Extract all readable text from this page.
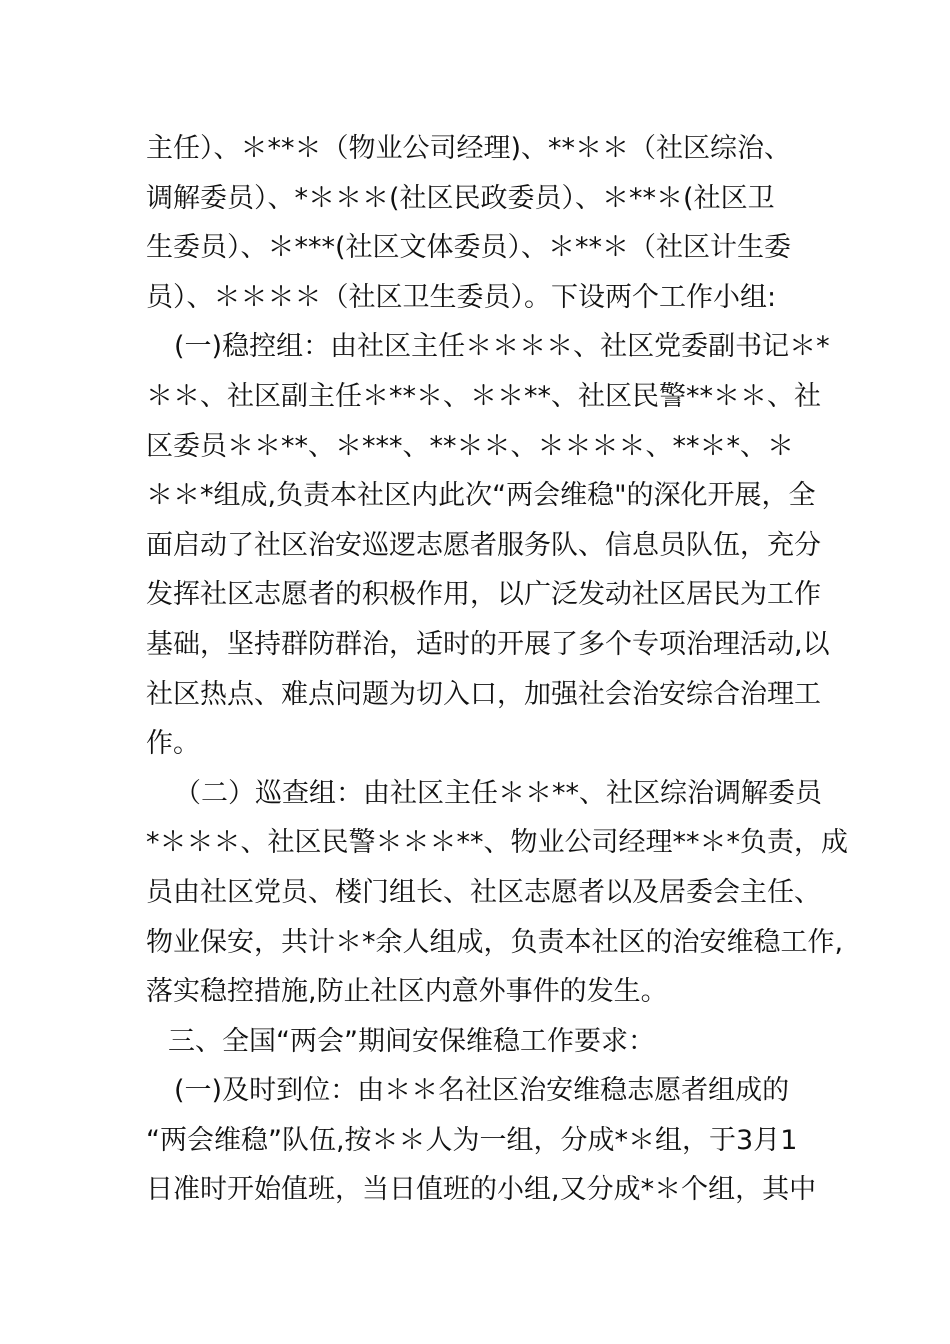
主任）、＊**＊（物业公司经理)、**＊＊（社区综治、
调解委员）、*＊＊＊(社区民政委员）、＊**＊(社区卫
生委员）、＊***(社区文体委员）、＊**＊（社区计生委
员）、＊＊＊＊（社区卫生委员）。下设两个工作小组:
(一)稳控组：由社区主任＊＊＊＊、社区党委副书记＊*
＊＊、社区副主任＊**＊、＊＊**、社区民警**＊＊、社
区委员＊＊**、＊***、**＊＊、＊＊＊＊、**＊*、＊
＊＊*组成,负责本社区内此次“两会维稳"的深化开展，全
面启动了社区治安巡逻志愿者服务队、信息员队伍，充分
发挥社区志愿者的积极作用，以广泛发动社区居民为工作
基础，坚持群防群治，适时的开展了多个专项治理活动,以
社区热点、难点问题为切入口，加强社会治安综合治理工
作。
（二）巡查组：由社区主任＊＊**、社区综治调解委员
*＊＊＊、社区民警＊＊＊**、物业公司经理**＊*负责，成
员由社区党员、楼门组长、社区志愿者以及居委会主任、
物业保安，共计＊*余人组成，负责本社区的治安维稳工作,
落实稳控措施,防止社区内意外事件的发生。
三、全国“两会”期间安保维稳工作要求：
(一)及时到位：由＊＊名社区治安维稳志愿者组成的
“两会维稳”队伍,按＊＊人为一组，分成*＊组，于3月1
日准时开始值班，当日值班的小组,又分成*＊个组，其中
